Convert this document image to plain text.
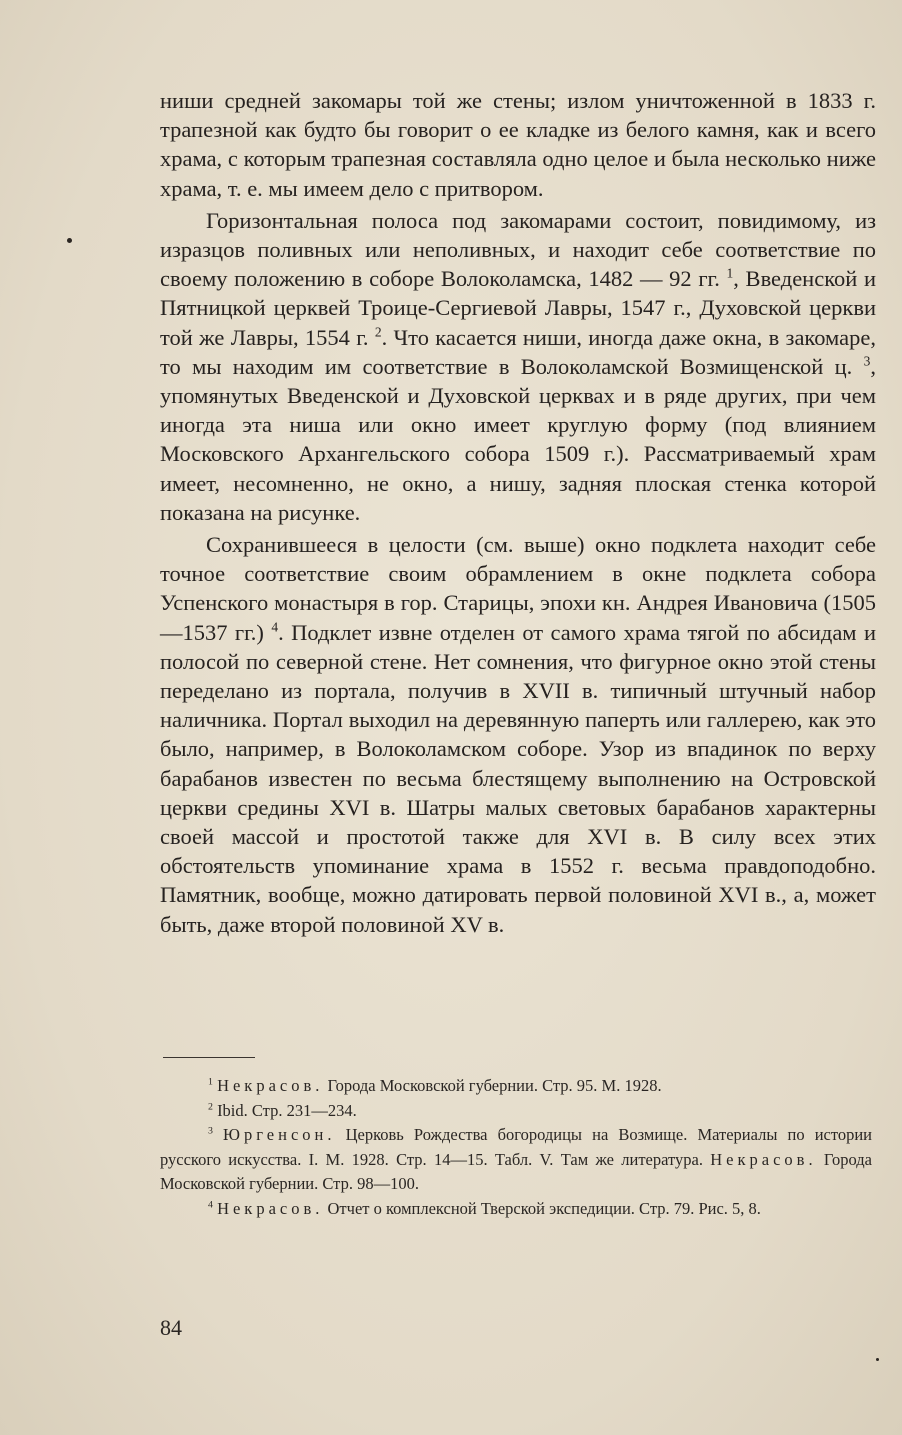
ниши средней закомары той же стены; излом уничтоженной в 1833 г. трапезной как будто бы говорит о ее кладке из белого камня, как и всего храма, с которым трапезная составляла одно целое и была несколько ниже храма, т. е. мы имеем дело с притвором.

Горизонтальная полоса под закомарами состоит, повидимому, из изразцов поливных или неполивных, и находит себе соответствие по своему положению в соборе Волоколамска, 1482 — 92 гг. $^1$, Введенской и Пятницкой церквей Троице-Сергиевой Лавры, 1547 г., Духовской церкви той же Лавры, 1554 г. $^2$. Что касается ниши, иногда даже окна, в закомаре, то мы находим им соответствие в Волоколамской Возмищенской ц. $^3$, упомянутых Введенской и Духовской церквах и в ряде других, при чем иногда эта ниша или окно имеет круглую форму (под влиянием Московского Архангельского собора 1509 г.). Рассматриваемый храм имеет, несомненно, не окно, а нишу, задняя плоская стенка которой показана на рисунке.

Сохранившееся в целости (см. выше) окно подклета находит себе точное соответствие своим обрамлением в окне подклета собора Успенского монастыря в гор. Старицы, эпохи кн. Андрея Ивановича (1505—1537 гг.) $^4$. Подклет извне отделен от самого храма тягой по абсидам и полосой по северной стене. Нет сомнения, что фигурное окно этой стены переделано из портала, получив в XVII в. типичный штучный набор наличника. Портал выходил на деревянную паперть или галлерею, как это было, например, в Волоколамском соборе. Узор из впадинок по верху барабанов известен по весьма блестящему выполнению на Островской церкви средины XVI в. Шатры малых световых барабанов характерны своей массой и простотой также для XVI в. В силу всех этих обстоятельств упоминание храма в 1552 г. весьма правдоподобно. Памятник, вообще, можно датировать первой половиной XVI в., а, может быть, даже второй половиной XV в.

$^1$ Некрасов. Города Московской губернии. Стр. 95. М. 1928.

$^2$ Ibid. Стр. 231—234.

$^3$ Юргенсон. Церковь Рождества богородицы на Возмище. Материалы по истории русского искусства. I. М. 1928. Стр. 14—15. Табл. V. Там же литература. Некрасов. Города Московской губернии. Стр. 98—100.

$^4$ Некрасов. Отчет о комплексной Тверской экспедиции. Стр. 79. Рис. 5, 8.

84
